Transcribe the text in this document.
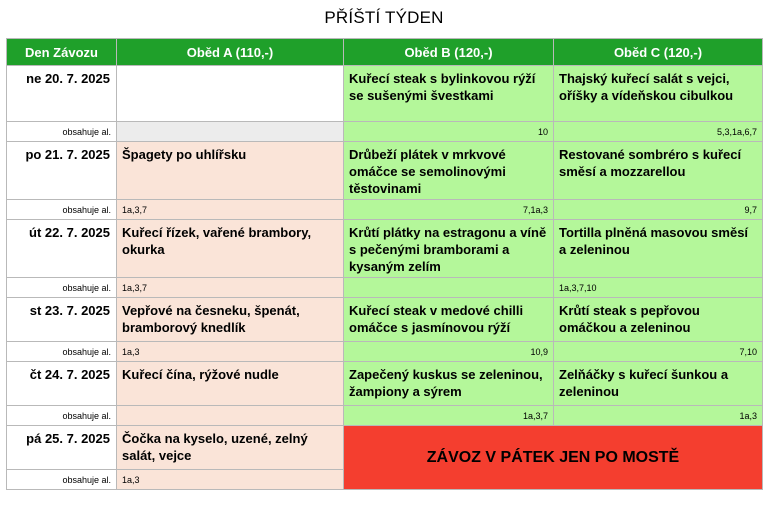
PŘÍŠTÍ TÝDEN
Den Závozu	Oběd A (110,-)	Oběd B (120,-)	Oběd C (120,-)
ne 20. 7. 2025		Kuřecí steak s bylinkovou rýží se sušenými švestkami	Thajský kuřecí salát s vejci, oříšky a vídeňskou cibulkou
obsahuje al.		10	5,3,1a,6,7
po 21. 7. 2025	Špagety po uhlířsku	Drůbeží plátek v mrkvové omáčce se semolinovými těstovinami	Restované sombréro s kuřecí směsí a mozzarellou
obsahuje al.	1a,3,7	7,1a,3	9,7
út 22. 7. 2025	Kuřecí řízek, vařené brambory, okurka	Krůtí plátky na estragonu a víně s pečenými bramborami a kysaným zelím	Tortilla plněná masovou směsí a zeleninou
obsahuje al.	1a,3,7		1a,3,7,10
st 23. 7. 2025	Vepřové na česneku, špenát, bramborový knedlík	Kuřecí steak v medové chilli omáčce s jasmínovou rýží	Krůtí steak s pepřovou omáčkou a zeleninou
obsahuje al.	1a,3	10,9	7,10
čt 24. 7. 2025	Kuřecí čína, rýžové nudle	Zapečený kuskus se zeleninou, žampiony a sýrem	Zelňáčky s kuřecí šunkou a zeleninou
obsahuje al.		1a,3,7	1a,3
pá 25. 7. 2025	Čočka na kyselo, uzené, zelný salát, vejce	ZÁVOZ V PÁTEK JEN PO MOSTĚ	
obsahuje al.	1a,3		
